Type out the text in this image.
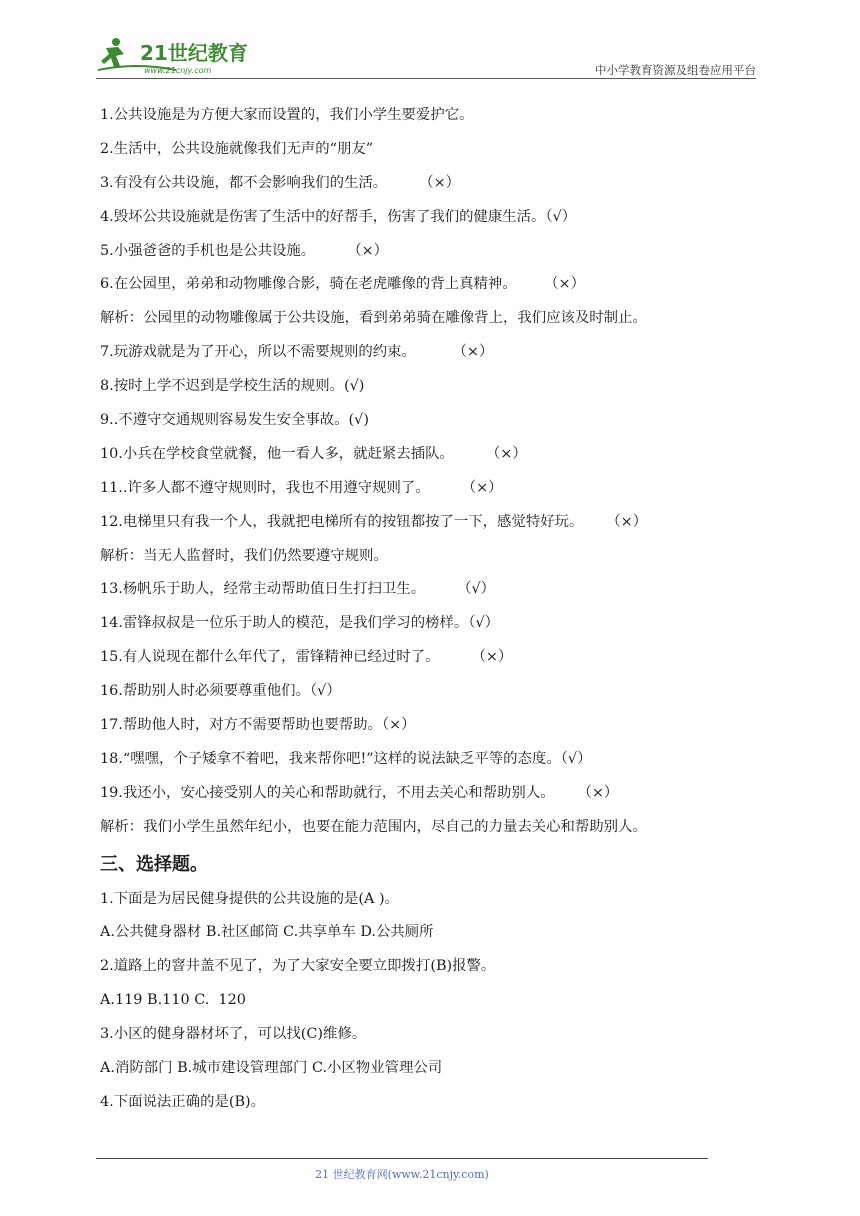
21世纪教育
www.21cnjy.com	中小学教育资源及组卷应用平台
1.公共设施是为方便大家而设置的，我们小学生要爱护它。
2.生活中，公共设施就像我们无声的“朋友”
3.有没有公共设施，都不会影响我们的生活。       （×）
4.毁坏公共设施就是伤害了生活中的好帮手，伤害了我们的健康生活。（√）
5.小强爸爸的手机也是公共设施。       （×）
6.在公园里，弟弟和动物雕像合影，骑在老虎雕像的背上真精神。      （×）
解析：公园里的动物雕像属于公共设施，看到弟弟骑在雕像背上，我们应该及时制止。
7.玩游戏就是为了开心，所以不需要规则的约束。        （×）
8.按时上学不迟到是学校生活的规则。(√)
9..不遵守交通规则容易发生安全事故。(√)
10.小兵在学校食堂就餐，他一看人多，就赶紧去插队。       （×）
11..许多人都不遵守规则时，我也不用遵守规则了。       （×）
12.电梯里只有我一个人，我就把电梯所有的按钮都按了一下，感觉特好玩。     （×）
解析：当无人监督时，我们仍然要遵守规则。
13.杨帆乐于助人，经常主动帮助值日生打扫卫生。       （√）
14.雷锋叔叔是一位乐于助人的模范，是我们学习的榜样。（√）
15.有人说现在都什么年代了，雷锋精神已经过时了。       （×）
16.帮助别人时必须要尊重他们。（√）
17.帮助他人时，对方不需要帮助也要帮助。（×）
18.“嘿嘿，个子矮拿不着吧，我来帮你吧!”这样的说法缺乏平等的态度。（√）
19.我还小，安心接受别人的关心和帮助就行，不用去关心和帮助别人。     （×）
解析：我们小学生虽然年纪小，也要在能力范围内，尽自己的力量去关心和帮助别人。
三、选择题。
1.下面是为居民健身提供的公共设施的是(A )。
A.公共健身器材 B.社区邮筒 C.共享单车 D.公共厕所
2.道路上的窨井盖不见了，为了大家安全要立即拨打(B)报警。
A.119 B.110 C.  120
3.小区的健身器材坏了，可以找(C)维修。
A.消防部门 B.城市建设管理部门 C.小区物业管理公司
4.下面说法正确的是(B)。
21 世纪教育网(www.21cnjy.com)
